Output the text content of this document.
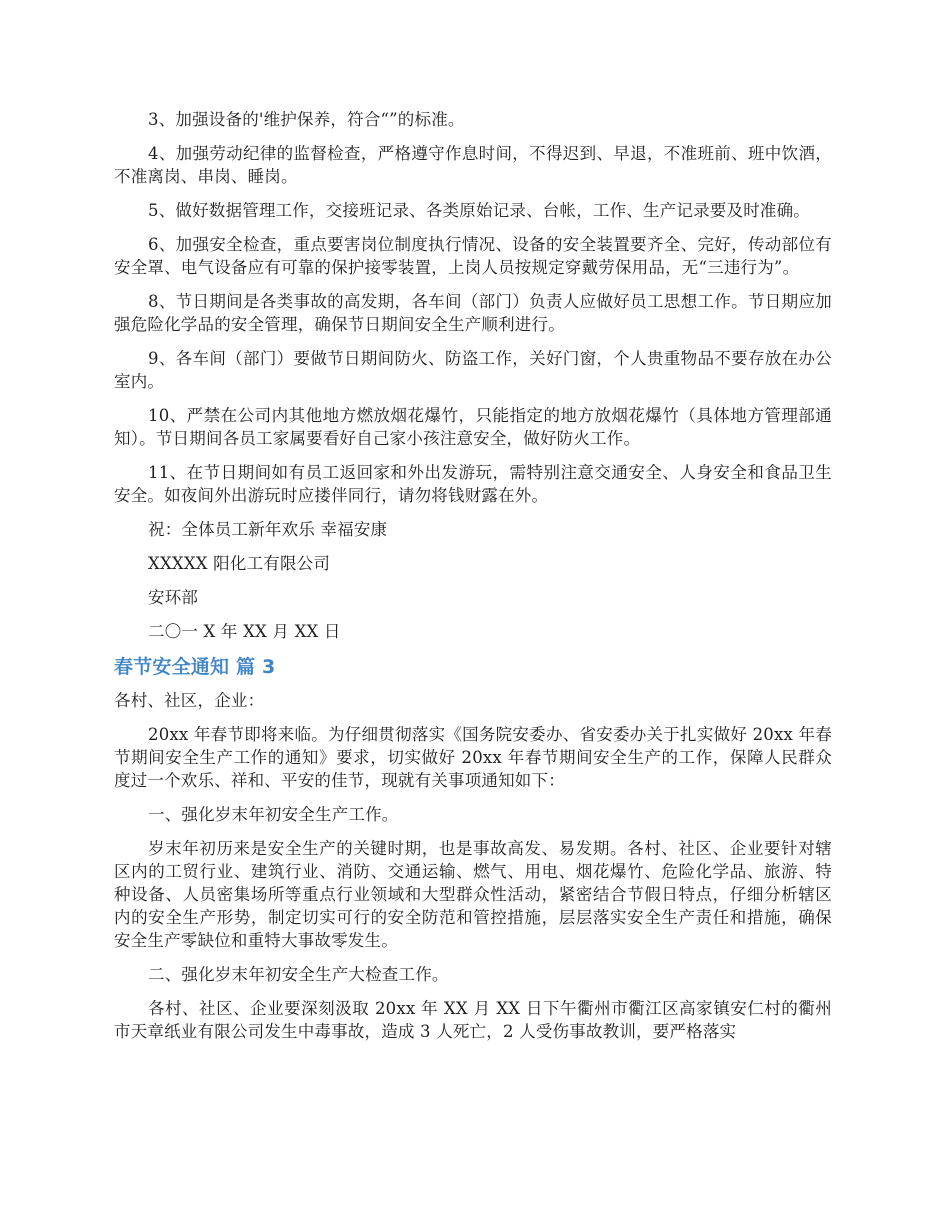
3、加强设备的'维护保养，符合“”的标准。

4、加强劳动纪律的监督检查，严格遵守作息时间，不得迟到、早退，不准班前、班中饮酒，不准离岗、串岗、睡岗。

5、做好数据管理工作，交接班记录、各类原始记录、台帐，工作、生产记录要及时准确。

6、加强安全检查，重点要害岗位制度执行情况、设备的安全装置要齐全、完好，传动部位有安全罩、电气设备应有可靠的保护接零装置，上岗人员按规定穿戴劳保用品，无“三违行为”。

8、节日期间是各类事故的高发期，各车间（部门）负责人应做好员工思想工作。节日期应加强危险化学品的安全管理，确保节日期间安全生产顺利进行。

9、各车间（部门）要做节日期间防火、防盗工作，关好门窗，个人贵重物品不要存放在办公室内。

10、严禁在公司内其他地方燃放烟花爆竹，只能指定的地方放烟花爆竹（具体地方管理部通知）。节日期间各员工家属要看好自己家小孩注意安全，做好防火工作。

11、在节日期间如有员工返回家和外出发游玩，需特别注意交通安全、人身安全和食品卫生安全。如夜间外出游玩时应搂伴同行，请勿将钱财露在外。

祝：全体员工新年欢乐 幸福安康

XXXXX 阳化工有限公司

安环部

二〇一 X 年 XX 月 XX 日

春节安全通知 篇 3

各村、社区，企业：

20xx 年春节即将来临。为仔细贯彻落实《国务院安委办、省安委办关于扎实做好 20xx 年春节期间安全生产工作的通知》要求，切实做好 20xx 年春节期间安全生产的工作，保障人民群众度过一个欢乐、祥和、平安的佳节，现就有关事项通知如下：

一、强化岁末年初安全生产工作。

岁末年初历来是安全生产的关键时期，也是事故高发、易发期。各村、社区、企业要针对辖区内的工贸行业、建筑行业、消防、交通运输、燃气、用电、烟花爆竹、危险化学品、旅游、特种设备、人员密集场所等重点行业领域和大型群众性活动，紧密结合节假日特点，仔细分析辖区内的安全生产形势，制定切实可行的安全防范和管控措施，层层落实安全生产责任和措施，确保安全生产零缺位和重特大事故零发生。

二、强化岁末年初安全生产大检查工作。

各村、社区、企业要深刻汲取 20xx 年 XX 月 XX 日下午衢州市衢江区高家镇安仁村的衢州市天章纸业有限公司发生中毒事故，造成 3 人死亡，2 人受伤事故教训，要严格落实
